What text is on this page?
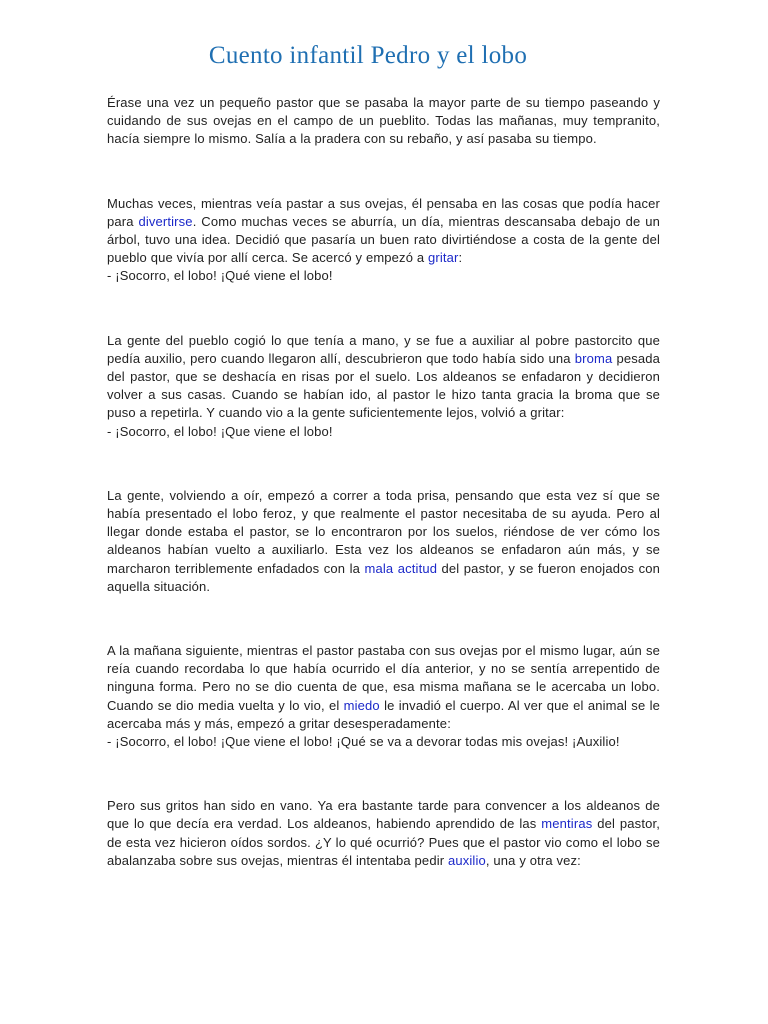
Cuento infantil Pedro y el lobo

Érase una vez un pequeño pastor que se pasaba la mayor parte de su tiempo paseando y cuidando de sus ovejas en el campo de un pueblito. Todas las mañanas, muy tempranito, hacía siempre lo mismo. Salía a la pradera con su rebaño, y así pasaba su tiempo.

Muchas veces, mientras veía pastar a sus ovejas, él pensaba en las cosas que podía hacer para divertirse. Como muchas veces se aburría, un día, mientras descansaba debajo de un árbol, tuvo una idea. Decidió que pasaría un buen rato divirtiéndose a costa de la gente del pueblo que vivía por allí cerca. Se acercó y empezó a gritar:
- ¡Socorro, el lobo! ¡Qué viene el lobo!

La gente del pueblo cogió lo que tenía a mano, y se fue a auxiliar al pobre pastorcito que pedía auxilio, pero cuando llegaron allí, descubrieron que todo había sido una broma pesada del pastor, que se deshacía en risas por el suelo. Los aldeanos se enfadaron y decidieron volver a sus casas. Cuando se habían ido, al pastor le hizo tanta gracia la broma que se puso a repetirla. Y cuando vio a la gente suficientemente lejos, volvió a gritar:
- ¡Socorro, el lobo! ¡Que viene el lobo!

La gente, volviendo a oír, empezó a correr a toda prisa, pensando que esta vez sí que se había presentado el lobo feroz, y que realmente el pastor necesitaba de su ayuda. Pero al llegar donde estaba el pastor, se lo encontraron por los suelos, riéndose de ver cómo los aldeanos habían vuelto a auxiliarlo. Esta vez los aldeanos se enfadaron aún más, y se marcharon terriblemente enfadados con la mala actitud del pastor, y se fueron enojados con aquella situación.

A la mañana siguiente, mientras el pastor pastaba con sus ovejas por el mismo lugar, aún se reía cuando recordaba lo que había ocurrido el día anterior, y no se sentía arrepentido de ninguna forma. Pero no se dio cuenta de que, esa misma mañana se le acercaba un lobo. Cuando se dio media vuelta y lo vio, el miedo le invadió el cuerpo. Al ver que el animal se le acercaba más y más, empezó a gritar desesperadamente:
- ¡Socorro, el lobo! ¡Que viene el lobo! ¡Qué se va a devorar todas mis ovejas! ¡Auxilio!

Pero sus gritos han sido en vano. Ya era bastante tarde para convencer a los aldeanos de que lo que decía era verdad. Los aldeanos, habiendo aprendido de las mentiras del pastor, de esta vez hicieron oídos sordos. ¿Y lo qué ocurrió? Pues que el pastor vio como el lobo se abalanzaba sobre sus ovejas, mientras él intentaba pedir auxilio, una y otra vez:
